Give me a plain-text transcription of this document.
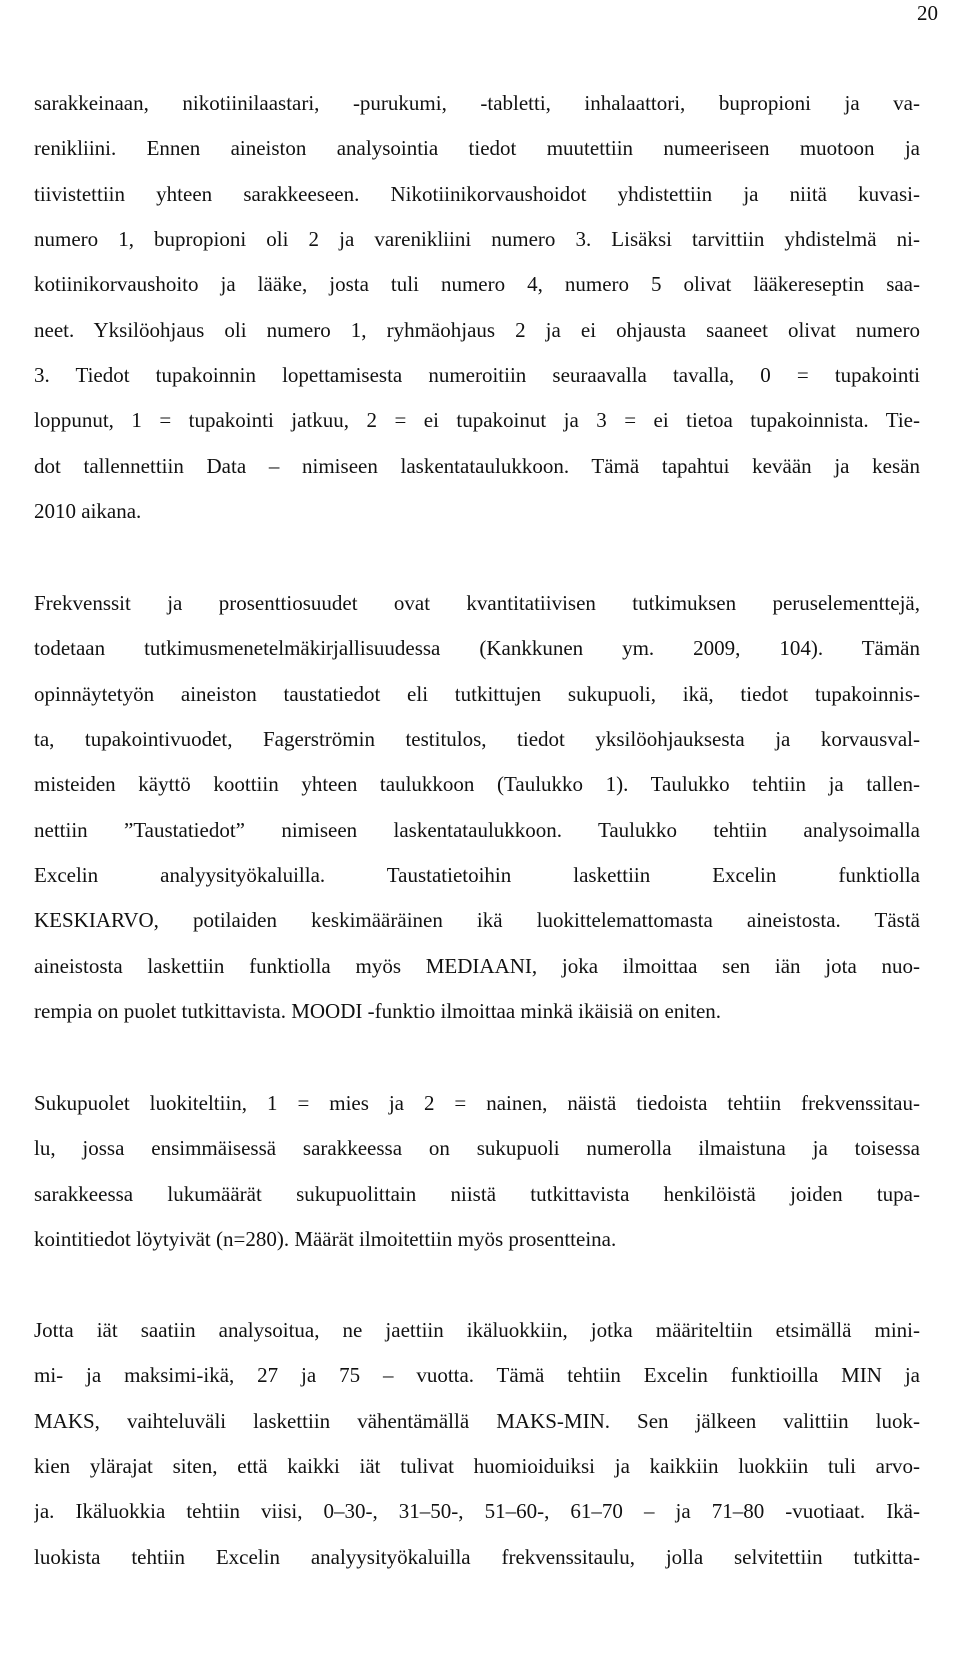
20
sarakkeinaan, nikotiinilaastari, -purukumi, -tabletti, inhalaattori, bupropioni ja va-
renikliini. Ennen aineiston analysointia tiedot muutettiin numeeriseen muotoon ja
tiivistettiin yhteen sarakkeeseen. Nikotiinikorvaushoidot yhdistettiin ja niitä kuvasi-
numero 1, bupropioni oli 2 ja varenikliini numero 3. Lisäksi tarvittiin yhdistelmä ni-
kotiinikorvaushoito ja lääke, josta tuli numero 4, numero 5 olivat lääkereseptin saa-
neet. Yksilöohjaus oli numero 1, ryhmäohjaus 2 ja ei ohjausta saaneet olivat numero
3. Tiedot tupakoinnin lopettamisesta numeroitiin seuraavalla tavalla, 0 = tupakointi
loppunut, 1 = tupakointi jatkuu, 2 = ei tupakoinut ja 3 = ei tietoa tupakoinnista. Tie-
dot tallennettiin Data – nimiseen laskentataulukkoon. Tämä tapahtui kevään ja kesän
2010 aikana.
Frekvenssit ja prosenttiosuudet ovat kvantitatiivisen tutkimuksen peruselementtejä,
todetaan tutkimusmenetelmäkirjallisuudessa (Kankkunen ym. 2009, 104). Tämän
opinnäytetyön aineiston taustatiedot eli tutkittujen sukupuoli, ikä, tiedot tupakoinnis-
ta, tupakointivuodet, Fagerströmin testitulos, tiedot yksilöohjauksesta ja korvausval-
misteiden käyttö koottiin yhteen taulukkoon (Taulukko 1). Taulukko tehtiin ja tallen-
nettiin ”Taustatiedot” nimiseen laskentataulukkoon. Taulukko tehtiin analysoimalla
Excelin analyysityökaluilla. Taustatietoihin laskettiin Excelin funktiolla
KESKIARVO, potilaiden keskimääräinen ikä luokittelemattomasta aineistosta. Tästä
aineistosta laskettiin funktiolla myös MEDIAANI, joka ilmoittaa sen iän jota nuo-
rempia on puolet tutkittavista. MOODI -funktio ilmoittaa minkä ikäisiä on eniten.
Sukupuolet luokiteltiin, 1 = mies ja 2 = nainen, näistä tiedoista tehtiin frekvenssitau-
lu, jossa ensimmäisessä sarakkeessa on sukupuoli numerolla ilmaistuna ja toisessa
sarakkeessa lukumäärät sukupuolittain niistä tutkittavista henkilöistä joiden tupa-
kointitiedot löytyivät (n=280). Määrät ilmoitettiin myös prosentteina.
Jotta iät saatiin analysoitua, ne jaettiin ikäluokkiin, jotka määriteltiin etsimällä mini-
mi- ja maksimi-ikä, 27 ja 75 – vuotta. Tämä tehtiin Excelin funktioilla MIN ja
MAKS, vaihteluväli laskettiin vähentämällä MAKS-MIN. Sen jälkeen valittiin luok-
kien ylärajat siten, että kaikki iät tulivat huomioiduiksi ja kaikkiin luokkiin tuli arvo-
ja. Ikäluokkia tehtiin viisi, 0–30-, 31–50-, 51–60-, 61–70 – ja 71–80 -vuotiaat. Ikä-
luokista tehtiin Excelin analyysityökaluilla frekvenssitaulu, jolla selvitettiin tutkitta-
